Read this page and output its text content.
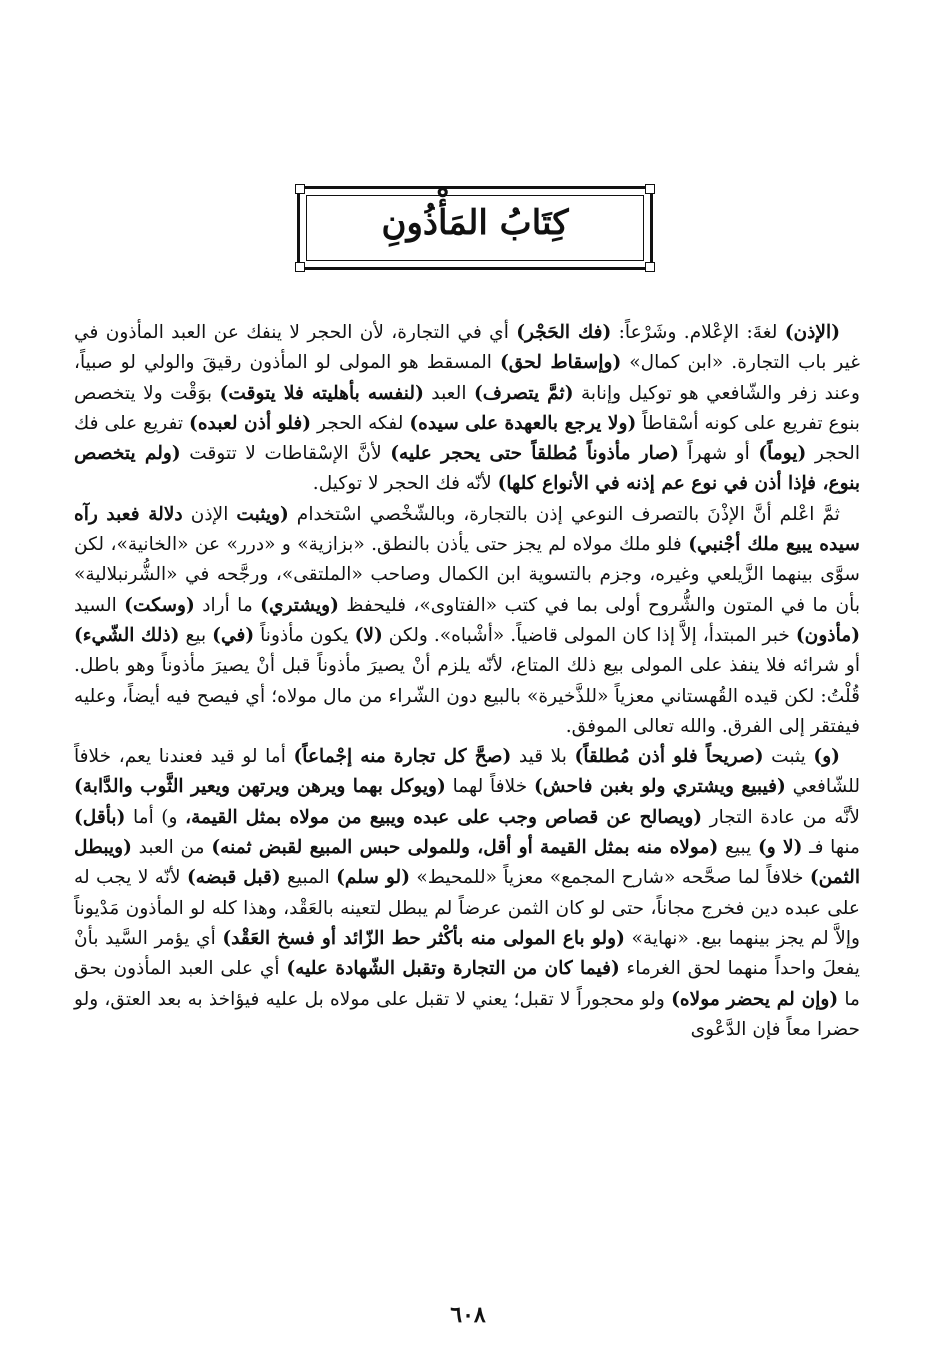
كِتَابُ المَأْذُونِ

(الإذن) لغةَ: الإعْلام. وشَرْعاً: (فك الحَجْر) أي في التجارة، لأن الحجر لا ينفك عن العبد المأذون في غير باب التجارة. «ابن كمال» (وإسقاط لحق) المسقط هو المولى لو المأذون رقيقَ والولي لو صبياً، وعند زفر والشّافعي هو توكيل وإنابة (ثمَّ يتصرف) العبد (لنفسه بأهليته فلا يتوقت) بوَقْت ولا يتخصص بنوع تفريع على كونه أسْقاطاً (ولا يرجع بالعهدة على سيده) لفكه الحجر (فلو أذن لعبده) تفريع على فك الحجر (يوماً) أو شهراً (صار مأذوناً مُطلقاً حتى يحجر عليه) لأنَّ الإسْقاطات لا تتوقت (ولم يتخصص بنوع، فإذا أذن في نوع عم إذنه في الأنواع كلها) لأنّه فك الحجر لا توكيل.

ثمَّ اعْلم أنَّ الإذْنَ بالتصرف النوعي إذن بالتجارة، وبالشّخْصي اسْتخدام (ويثبت الإذن دلالة فعبد رآه سيده يبيع ملك أجْنبي) فلو ملك مولاه لم يجز حتى يأذن بالنطق. «بزازية» و «درر» عن «الخانية»، لكن سوَّى بينهما الزَّيلعي وغيره، وجزم بالتسوية ابن الكمال وصاحب «الملتقى»، ورجَّحه في «الشُّرنبلالية» بأن ما في المتون والشُّروح أولى بما في كتب «الفتاوى»، فليحفظ (ويشتري) ما أراد (وسكت) السيد (مأذون) خبر المبتدأ، إلاَّ إذا كان المولى قاضياً. «أشْباه». ولكن (لا) يكون مأذوناً (في) بيع (ذلك الشّيء) أو شرائه فلا ينفذ على المولى بيع ذلك المتاع، لأنّه يلزم أنْ يصيرَ مأذوناً قبل أنْ يصيرَ مأذوناً وهو باطل. قُلْتُ: لكن قيده القُهستاني معزياً «للذَّخيرة» بالبيع دون الشّراء من مال مولاه؛ أي فيصح فيه أيضاً، وعليه فيفتقر إلى الفرق. والله تعالى الموفق.

(و) يثبت (صريحاً فلو أذن مُطلقاً) بلا قيد (صحَّ كل تجارة منه إجْماعاً) أما لو قيد فعندنا يعم، خلافاً للشّافعي (فيبيع ويشتري ولو بغبن فاحش) خلافاً لهما (ويوكل بهما ويرهن ويرتهن ويعير الثَّوب والدَّابة) لأنَّه من عادة التجار (ويصالح عن قصاص وجب على عبده ويبيع من مولاه بمثل القيمة، و) أما (بأقل) منها فـ (لا و) يبيع (مولاه منه بمثل القيمة أو أقل، وللمولى حبس المبيع لقبض ثمنه) من العبد (ويبطل الثمن) خلافاً لما صحَّحه «شارح المجمع» معزياً «للمحيط» (لو سلم) المبيع (قبل قبضه) لأنّه لا يجب له على عبده دين فخرج مجاناً، حتى لو كان الثمن عرضاً لم يبطل لتعينه بالعَقْد، وهذا كله لو المأذون مَدْيوناً وإلاَّ لم يجز بينهما بيع. «نهاية» (ولو باع المولى منه بأكْثر حط الزّائد أو فسخ العَقْد) أي يؤمر السَّيد بأنْ يفعلَ واحداً منهما لحق الغرماء (فيما كان من التجارة وتقبل الشّهادة عليه) أي على العبد المأذون بحق ما (وإن لم يحضر مولاه) ولو محجوراً لا تقبل؛ يعني لا تقبل على مولاه بل عليه فيؤاخذ به بعد العتق، ولو حضرا معاً فإن الدَّعْوى

٦٠٨
